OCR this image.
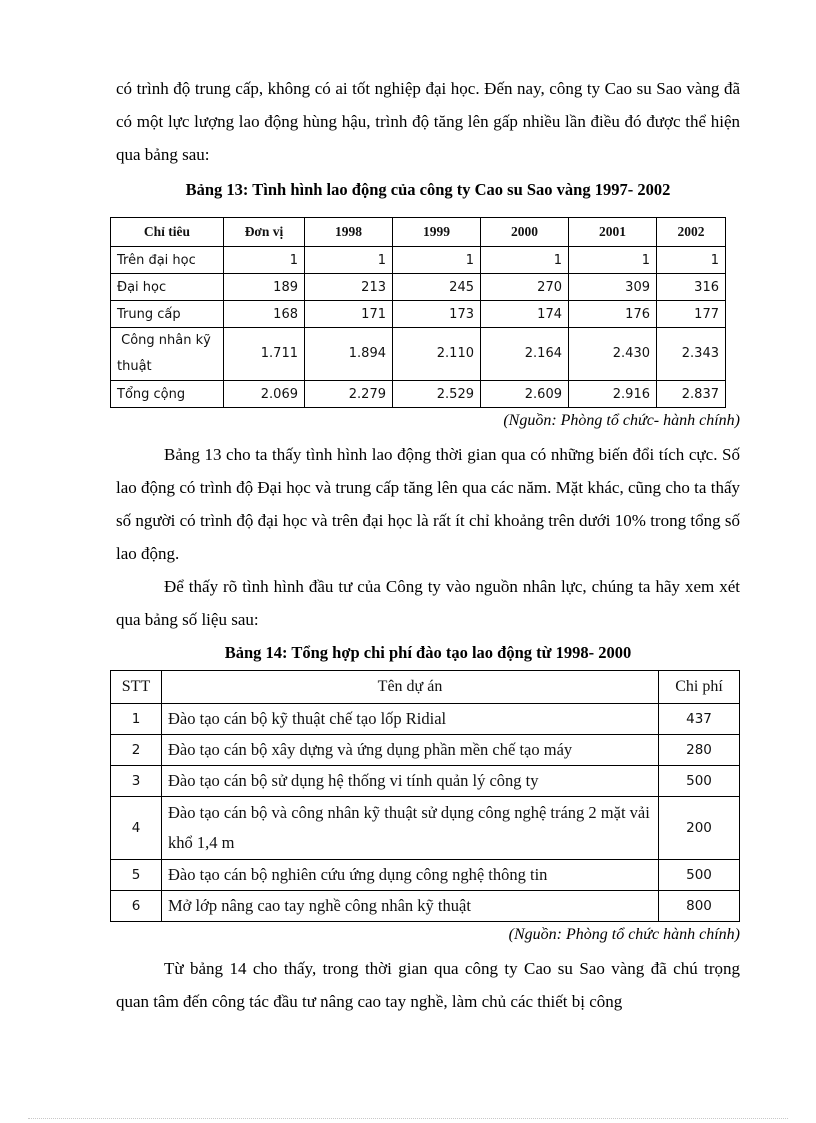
có trình độ trung cấp, không có ai tốt nghiệp đại học. Đến nay, công ty Cao su Sao vàng đã có một lực lượng lao động hùng hậu, trình độ tăng lên gấp nhiều lần điều đó được thể hiện qua bảng sau:

Bảng 13: Tình hình lao động của công ty Cao su Sao vàng 1997- 2002

Chỉ tiêu	Đơn vị	1998	1999	2000	2001	2002
Trên đại học	1	1	1	1	1	1
Đại học	189	213	245	270	309	316
Trung cấp	168	171	173	174	176	177
Công nhân kỹ thuật	1.711	1.894	2.110	2.164	2.430	2.343
Tổng cộng	2.069	2.279	2.529	2.609	2.916	2.837

(Nguồn: Phòng tổ chức- hành chính)

Bảng 13 cho ta thấy tình hình lao động thời gian qua có những biến đổi tích cực. Số lao động có trình độ Đại học và trung cấp tăng lên qua các năm. Mặt khác, cũng cho ta thấy số người có trình độ đại học và trên đại học là rất ít chỉ khoảng trên dưới 10% trong tổng số lao động.

Để thấy rõ tình hình đầu tư của Công ty vào nguồn nhân lực, chúng ta hãy xem xét qua bảng số liệu sau:

Bảng 14: Tổng hợp chi phí đào tạo lao động từ 1998- 2000

STT	Tên dự án	Chi phí
1	Đào tạo cán bộ kỹ thuật chế tạo lốp Ridial	437
2	Đào tạo cán bộ xây dựng và ứng dụng phần mền chế tạo máy	280
3	Đào tạo cán bộ sử dụng hệ thống vi tính quản lý công ty	500
4	Đào tạo cán bộ và công nhân kỹ thuật sử dụng công nghệ tráng 2 mặt vải khổ 1,4 m	200
5	Đào tạo cán bộ nghiên cứu ứng dụng công nghệ thông tin	500
6	Mở lớp nâng cao tay nghề công nhân kỹ thuật	800

(Nguồn: Phòng tổ chức hành chính)

Từ bảng 14 cho thấy, trong thời gian qua công ty Cao su Sao vàng đã chú trọng quan tâm đến công tác đầu tư nâng cao tay nghề, làm chủ các thiết bị công
